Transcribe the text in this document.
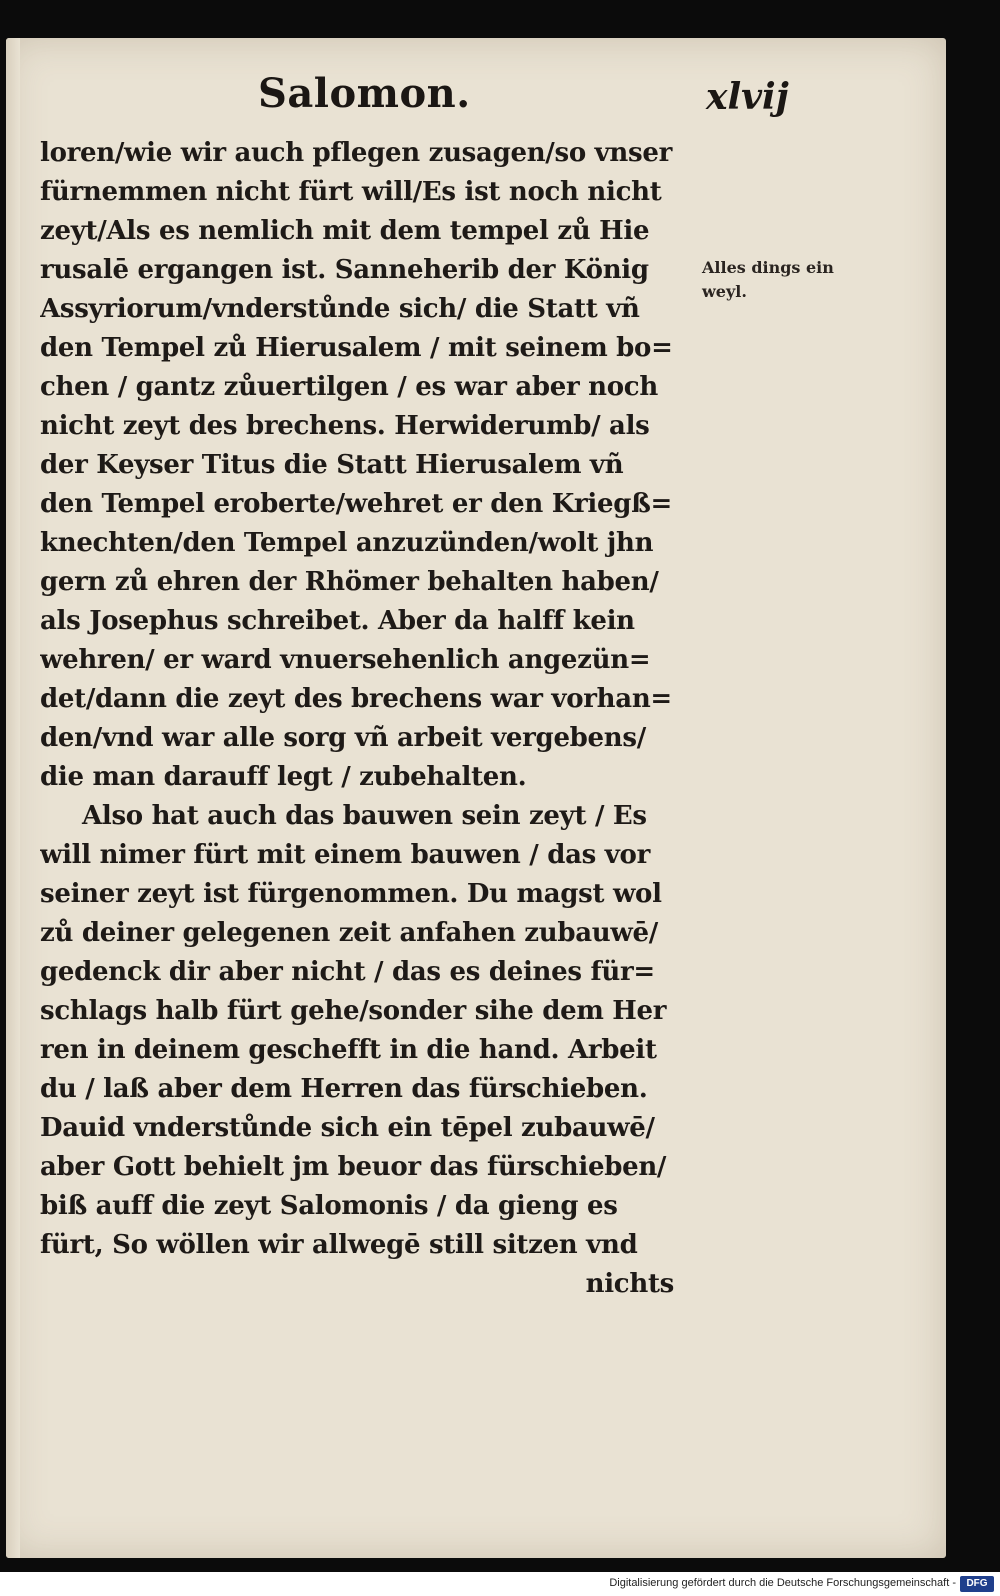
Salomon.	xlvij
loren/wie wir auch pflegen zusagen/so vnser
fürnemmen nicht fürt will/Es ist noch nicht
zeyt/Als es nemlich mit dem tempel zů Hie
rusalē ergangen ist. Sanneherib der König
Assyriorum/vnderstůnde sich/ die Statt vñ
den Tempel zů Hierusalem / mit seinem bo=
chen / gantz zůuertilgen / es war aber noch
nicht zeyt des brechens. Herwiderumb/ als
der Keyser Titus die Statt Hierusalem vñ
den Tempel eroberte/wehret er den Kriegß=
knechten/den Tempel anzuzünden/wolt jhn
gern zů ehren der Rhömer behalten haben/
als Josephus schreibet. Aber da halff kein
wehren/ er ward vnuersehenlich angezün=
det/dann die zeyt des brechens war vorhan=
den/vnd war alle sorg vñ arbeit vergebens/
die man darauff legt / zubehalten.
Also hat auch das bauwen sein zeyt / Es
will nimer fürt mit einem bauwen / das vor
seiner zeyt ist fürgenommen. Du magst wol
zů deiner gelegenen zeit anfahen zubauwē/
gedenck dir aber nicht / das es deines für=
schlags halb fürt gehe/sonder sihe dem Her
ren in deinem geschefft in die hand. Arbeit
du / laß aber dem Herren das fürschieben.
Dauid vnderstůnde sich ein tēpel zubauwē/
aber Gott behielt jm beuor das fürschieben/
biß auff die zeyt Salomonis / da gieng es
fürt, So wöllen wir allwegē still sitzen vnd
nichts
Alles dings ein
weyl.
Digitalisierung gefördert durch die Deutsche Forschungsgemeinschaft -	DFG
